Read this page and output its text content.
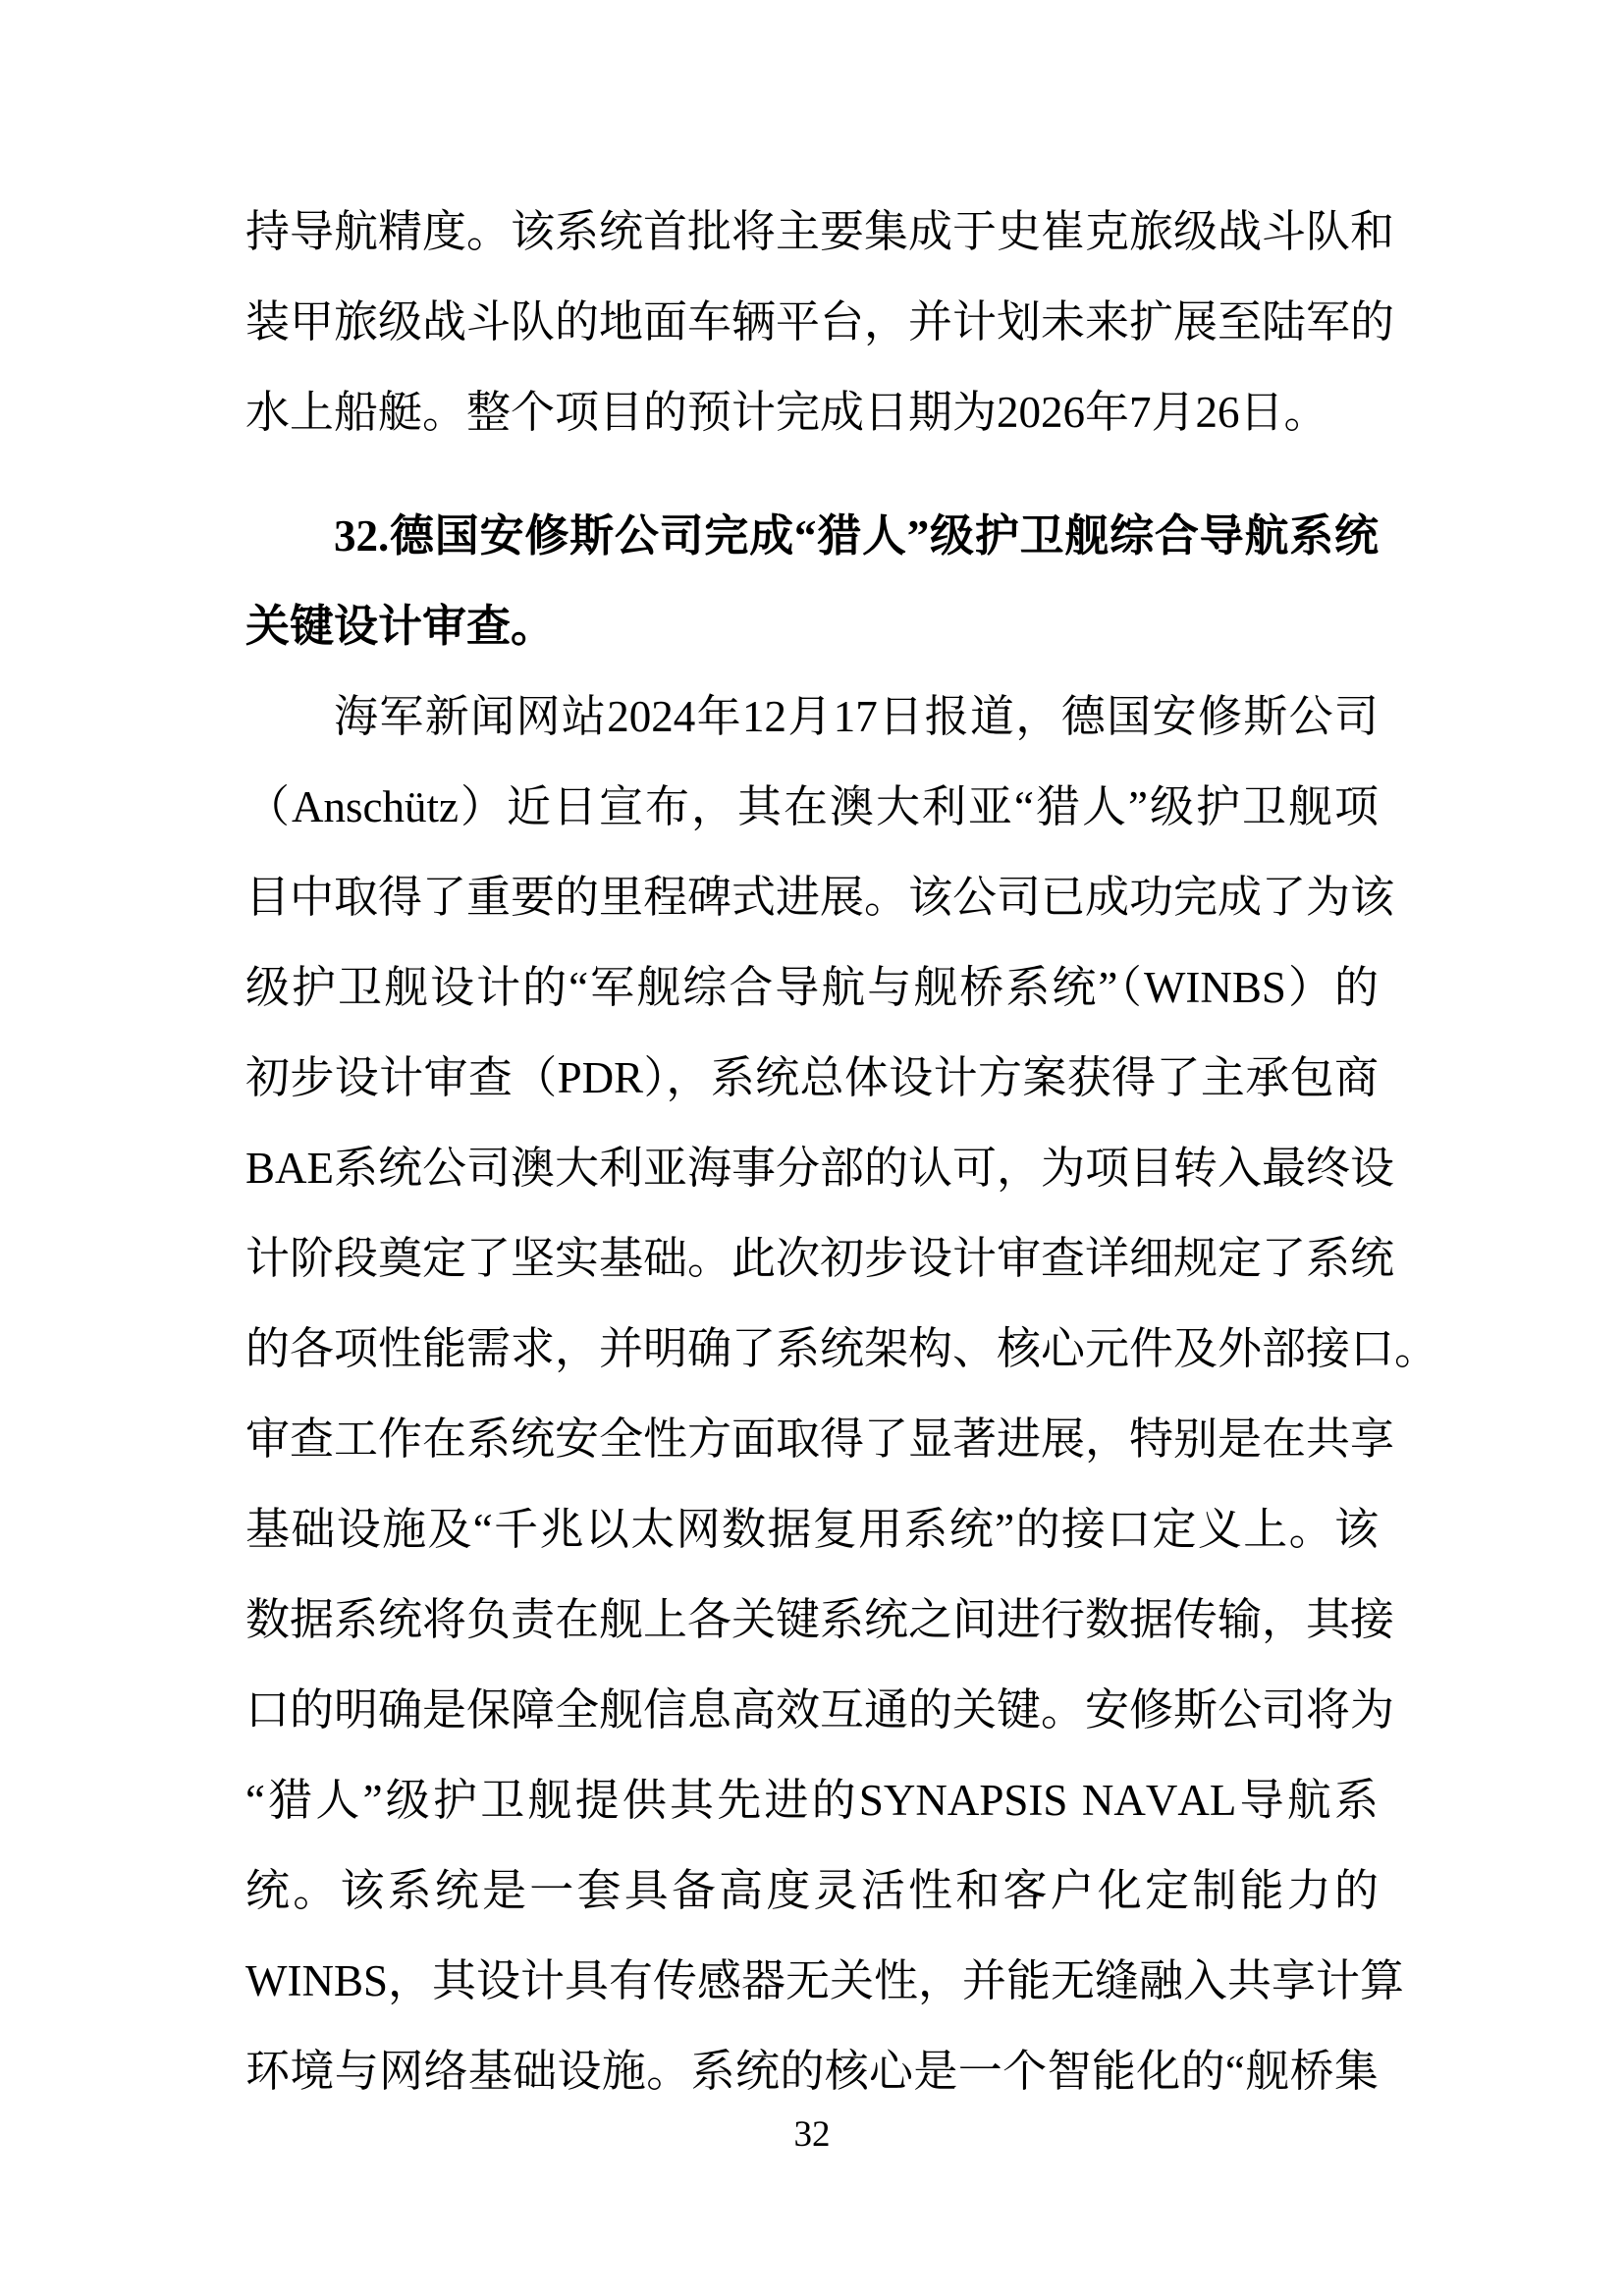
持导航精度。该系统首批将主要集成于史崔克旅级战斗队和
装甲旅级战斗队的地面车辆平台，并计划未来扩展至陆军的
水上船艇。整个项目的预计完成日期为2026年7月26日。
32.德国安修斯公司完成“猎人”级护卫舰综合导航系统
关键设计审查。
海军新闻网站2024年12月17日报道，德国安修斯公司
（Anschütz）近日宣布，其在澳大利亚“猎人”级护卫舰项
目中取得了重要的里程碑式进展。该公司已成功完成了为该
级护卫舰设计的“军舰综合导航与舰桥系统”（WINBS）的
初步设计审查（PDR），系统总体设计方案获得了主承包商
BAE系统公司澳大利亚海事分部的认可，为项目转入最终设
计阶段奠定了坚实基础。此次初步设计审查详细规定了系统
的各项性能需求，并明确了系统架构、核心元件及外部接口。
审查工作在系统安全性方面取得了显著进展，特别是在共享
基础设施及“千兆以太网数据复用系统”的接口定义上。该
数据系统将负责在舰上各关键系统之间进行数据传输，其接
口的明确是保障全舰信息高效互通的关键。安修斯公司将为
“猎人”级护卫舰提供其先进的SYNAPSIS NAVAL导航系
统。该系统是一套具备高度灵活性和客户化定制能力的
WINBS，其设计具有传感器无关性，并能无缝融入共享计算
环境与网络基础设施。系统的核心是一个智能化的“舰桥集
32
